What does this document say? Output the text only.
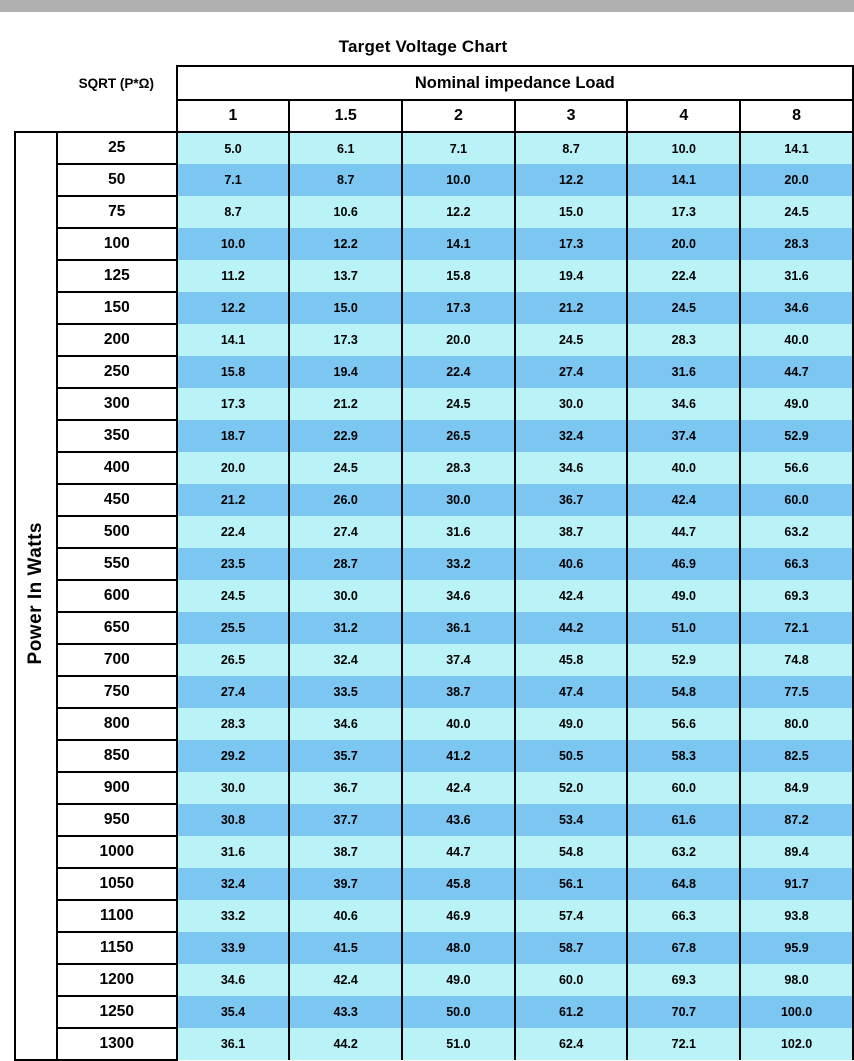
Target Voltage Chart
	SQRT (P*Ω)	Nominal impedance Load					
		1	1.5	2	3	4	8
Power In Watts	25	5.0	6.1	7.1	8.7	10.0	14.1
	50	7.1	8.7	10.0	12.2	14.1	20.0
	75	8.7	10.6	12.2	15.0	17.3	24.5
	100	10.0	12.2	14.1	17.3	20.0	28.3
	125	11.2	13.7	15.8	19.4	22.4	31.6
	150	12.2	15.0	17.3	21.2	24.5	34.6
	200	14.1	17.3	20.0	24.5	28.3	40.0
	250	15.8	19.4	22.4	27.4	31.6	44.7
	300	17.3	21.2	24.5	30.0	34.6	49.0
	350	18.7	22.9	26.5	32.4	37.4	52.9
	400	20.0	24.5	28.3	34.6	40.0	56.6
	450	21.2	26.0	30.0	36.7	42.4	60.0
	500	22.4	27.4	31.6	38.7	44.7	63.2
	550	23.5	28.7	33.2	40.6	46.9	66.3
	600	24.5	30.0	34.6	42.4	49.0	69.3
	650	25.5	31.2	36.1	44.2	51.0	72.1
	700	26.5	32.4	37.4	45.8	52.9	74.8
	750	27.4	33.5	38.7	47.4	54.8	77.5
	800	28.3	34.6	40.0	49.0	56.6	80.0
	850	29.2	35.7	41.2	50.5	58.3	82.5
	900	30.0	36.7	42.4	52.0	60.0	84.9
	950	30.8	37.7	43.6	53.4	61.6	87.2
	1000	31.6	38.7	44.7	54.8	63.2	89.4
	1050	32.4	39.7	45.8	56.1	64.8	91.7
	1100	33.2	40.6	46.9	57.4	66.3	93.8
	1150	33.9	41.5	48.0	58.7	67.8	95.9
	1200	34.6	42.4	49.0	60.0	69.3	98.0
	1250	35.4	43.3	50.0	61.2	70.7	100.0
	1300	36.1	44.2	51.0	62.4	72.1	102.0
